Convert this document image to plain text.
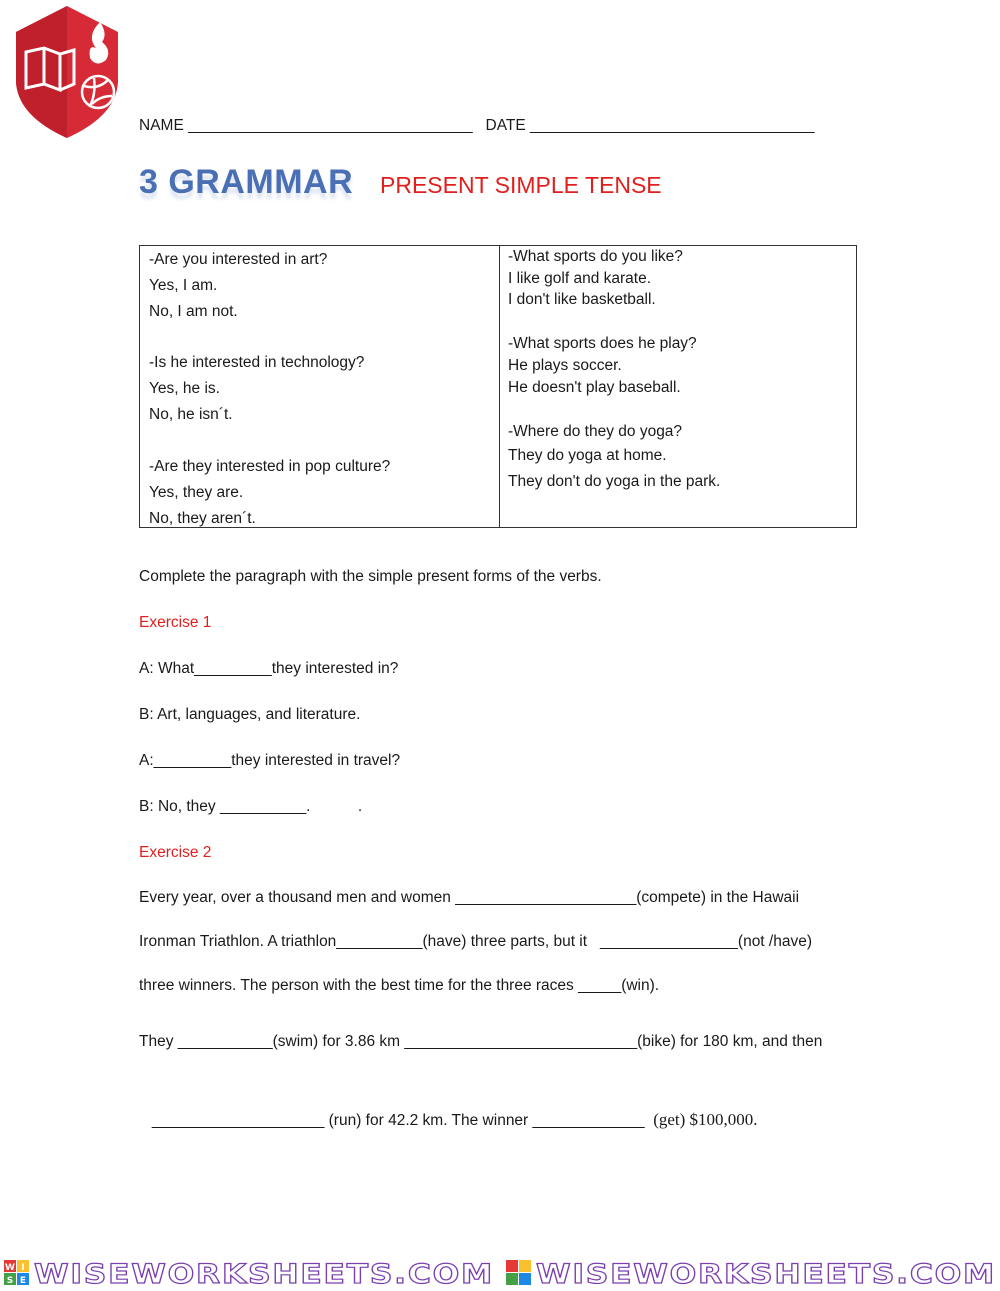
NAME _________________________________ DATE _________________________________
3 GRAMMAR PRESENT SIMPLE TENSE
-Are you interested in art?
Yes, I am.
No, I am not.
-Is he interested in technology?
Yes, he is.
No, he isn´t.
-Are they interested in pop culture?
Yes, they are.
No, they aren´t.
-What sports do you like?
I like golf and karate.
I don't like basketball.
-What sports does he play?
He plays soccer.
He doesn't play baseball.
-Where do they do yoga?
They do yoga at home.
They don't do yoga in the park.
Complete the paragraph with the simple present forms of the verbs.
Exercise 1
A: What_________they interested in?
B: Art, languages, and literature.
A:_________they interested in travel?
B: No, they __________.           .
Exercise 2
Every year, over a thousand men and women _____________________(compete) in the Hawaii
Ironman Triathlon. A triathlon__________(have) three parts, but it   ________________(not /have)
three winners. The person with the best time for the three races _____(win).
They ___________(swim) for 3.86 km ___________________________(bike) for 180 km, and then

____________________ (run) for 42.2 km. The winner _____________  (get) $100,000.

W I
S E WISEWORKSHEETS.COM WISEWORKSHEETS.COM
